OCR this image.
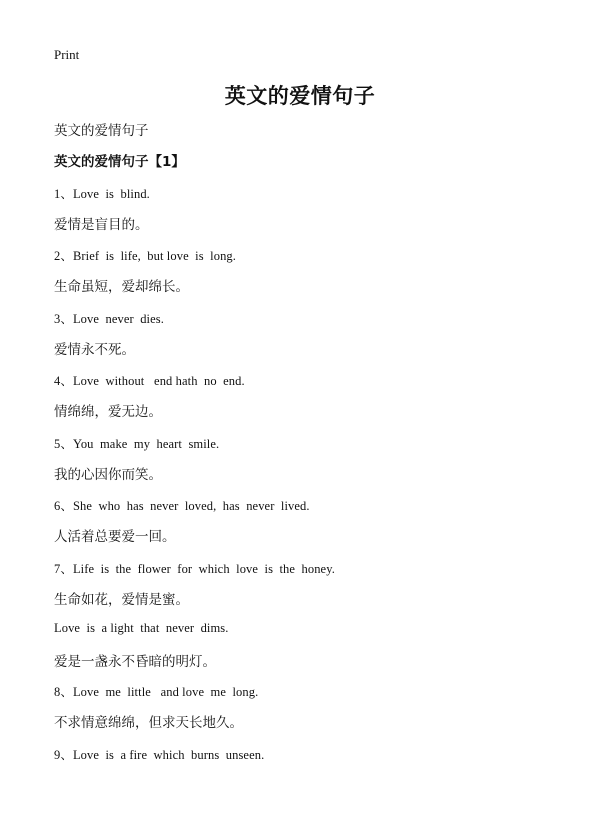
Print
英文的爱情句子
英文的爱情句子
英文的爱情句子【1】
1、Love  is  blind.
爱情是盲目的。
2、Brief  is  life,  but love  is  long.
生命虽短，爱却绵长。
3、Love  never  dies.
爱情永不死。
4、Love  without   end hath  no  end.
情绵绵，爱无边。
5、You  make  my  heart  smile.
我的心因你而笑。
6、She  who  has  never  loved,  has  never  lived.
人活着总要爱一回。
7、Life  is  the  flower  for  which  love  is  the  honey.
生命如花，爱情是蜜。
Love  is  a light  that  never  dims.
爱是一盏永不昏暗的明灯。
8、Love  me  little   and love  me  long.
不求情意绵绵，但求天长地久。
9、Love  is  a fire  which  burns  unseen.
